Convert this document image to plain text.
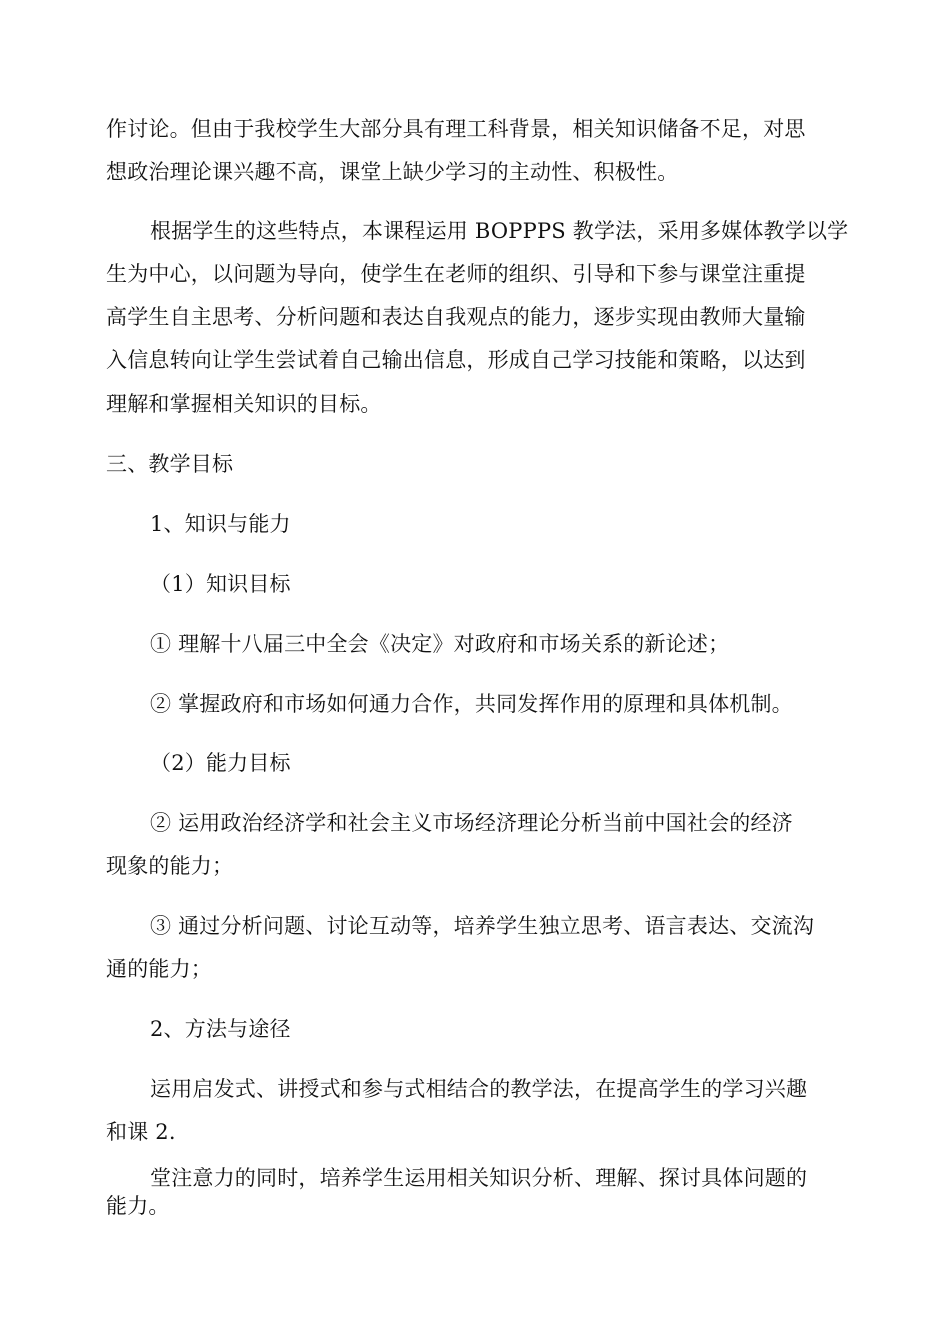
作讨论。但由于我校学生大部分具有理工科背景，相关知识储备不足，对思
想政治理论课兴趣不高，课堂上缺少学习的主动性、积极性。
根据学生的这些特点，本课程运用 BOPPPS 教学法，采用多媒体教学以学
生为中心，以问题为导向，使学生在老师的组织、引导和下参与课堂注重提
高学生自主思考、分析问题和表达自我观点的能力，逐步实现由教师大量输
入信息转向让学生尝试着自己输出信息，形成自己学习技能和策略，以达到
理解和掌握相关知识的目标。
三、教学目标
1、知识与能力
（1）知识目标
① 理解十八届三中全会《决定》对政府和市场关系的新论述；
② 掌握政府和市场如何通力合作，共同发挥作用的原理和具体机制。
（2）能力目标
② 运用政治经济学和社会主义市场经济理论分析当前中国社会的经济
现象的能力；
③ 通过分析问题、讨论互动等，培养学生独立思考、语言表达、交流沟
通的能力；
2、方法与途径
运用启发式、讲授式和参与式相结合的教学法，在提高学生的学习兴趣
和课 2.
堂注意力的同时，培养学生运用相关知识分析、理解、探讨具体问题的
能力。
